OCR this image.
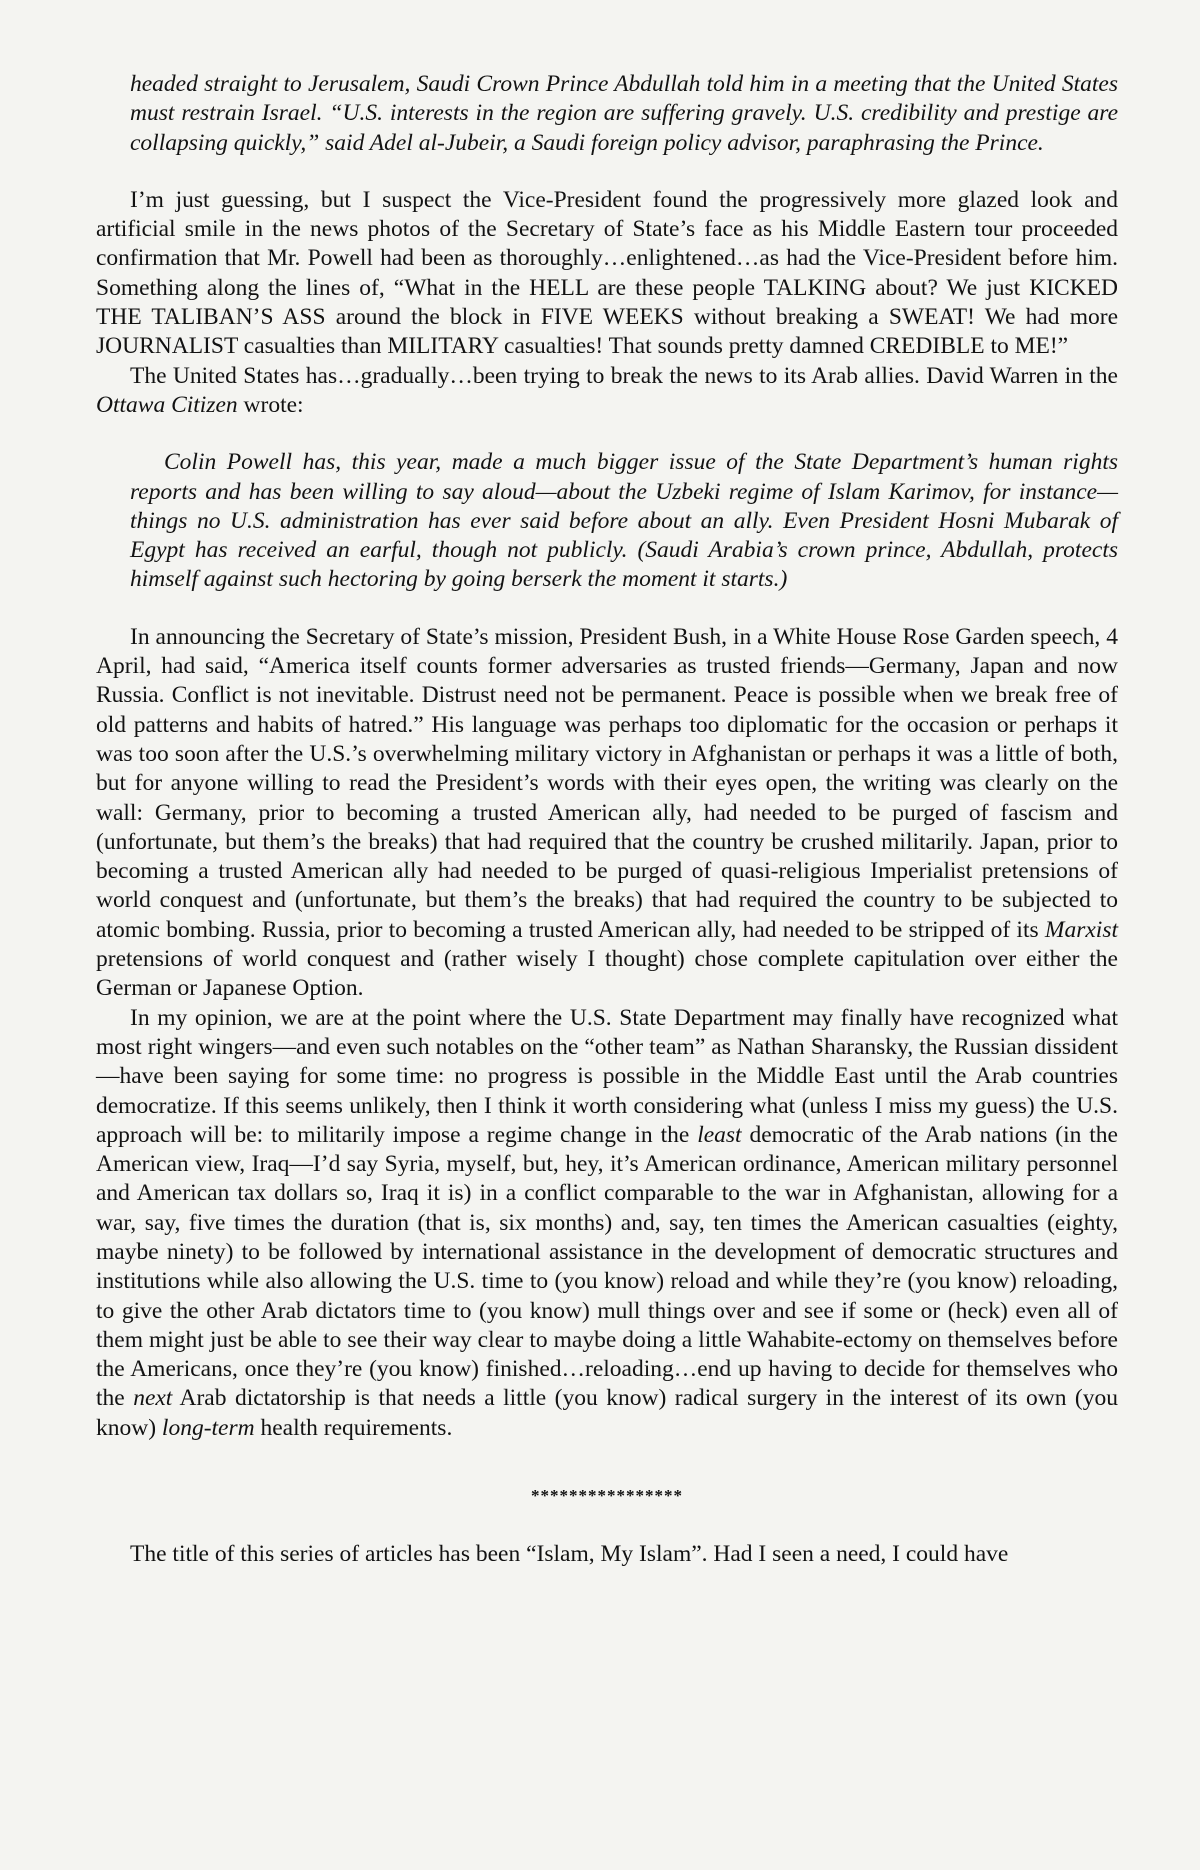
headed straight to Jerusalem, Saudi Crown Prince Abdullah told him in a meeting that the United States must restrain Israel. “U.S. interests in the region are suffering gravely. U.S. credibility and prestige are collapsing quickly,” said Adel al-Jubeir, a Saudi foreign policy advisor, paraphrasing the Prince.

I’m just guessing, but I suspect the Vice-President found the progressively more glazed look and artificial smile in the news photos of the Secretary of State’s face as his Middle Eastern tour proceeded confirmation that Mr. Powell had been as thoroughly…enlightened…as had the Vice-President before him. Something along the lines of, “What in the HELL are these people TALKING about? We just KICKED THE TALIBAN’S ASS around the block in FIVE WEEKS without breaking a SWEAT! We had more JOURNALIST casualties than MILITARY casualties! That sounds pretty damned CREDIBLE to ME!”

The United States has…gradually…been trying to break the news to its Arab allies. David Warren in the Ottawa Citizen wrote:

Colin Powell has, this year, made a much bigger issue of the State Department’s human rights reports and has been willing to say aloud—about the Uzbeki regime of Islam Karimov, for instance—things no U.S. administration has ever said before about an ally. Even President Hosni Mubarak of Egypt has received an earful, though not publicly. (Saudi Arabia’s crown prince, Abdullah, protects himself against such hectoring by going berserk the moment it starts.)

In announcing the Secretary of State’s mission, President Bush, in a White House Rose Garden speech, 4 April, had said, “America itself counts former adversaries as trusted friends—Germany, Japan and now Russia. Conflict is not inevitable. Distrust need not be permanent. Peace is possible when we break free of old patterns and habits of hatred.” His language was perhaps too diplomatic for the occasion or perhaps it was too soon after the U.S.’s overwhelming military victory in Afghanistan or perhaps it was a little of both, but for anyone willing to read the President’s words with their eyes open, the writing was clearly on the wall: Germany, prior to becoming a trusted American ally, had needed to be purged of fascism and (unfortunate, but them’s the breaks) that had required that the country be crushed militarily. Japan, prior to becoming a trusted American ally had needed to be purged of quasi-religious Imperialist pretensions of world conquest and (unfortunate, but them’s the breaks) that had required the country to be subjected to atomic bombing. Russia, prior to becoming a trusted American ally, had needed to be stripped of its Marxist pretensions of world conquest and (rather wisely I thought) chose complete capitulation over either the German or Japanese Option.

In my opinion, we are at the point where the U.S. State Department may finally have recognized what most right wingers—and even such notables on the “other team” as Nathan Sharansky, the Russian dissident—have been saying for some time: no progress is possible in the Middle East until the Arab countries democratize. If this seems unlikely, then I think it worth considering what (unless I miss my guess) the U.S. approach will be: to militarily impose a regime change in the least democratic of the Arab nations (in the American view, Iraq—I’d say Syria, myself, but, hey, it’s American ordinance, American military personnel and American tax dollars so, Iraq it is) in a conflict comparable to the war in Afghanistan, allowing for a war, say, five times the duration (that is, six months) and, say, ten times the American casualties (eighty, maybe ninety) to be followed by international assistance in the development of democratic structures and institutions while also allowing the U.S. time to (you know) reload and while they’re (you know) reloading, to give the other Arab dictators time to (you know) mull things over and see if some or (heck) even all of them might just be able to see their way clear to maybe doing a little Wahabite-ectomy on themselves before the Americans, once they’re (you know) finished…reloading…end up having to decide for themselves who the next Arab dictatorship is that needs a little (you know) radical surgery in the interest of its own (you know) long-term health requirements.

****************

The title of this series of articles has been “Islam, My Islam”. Had I seen a need, I could have
